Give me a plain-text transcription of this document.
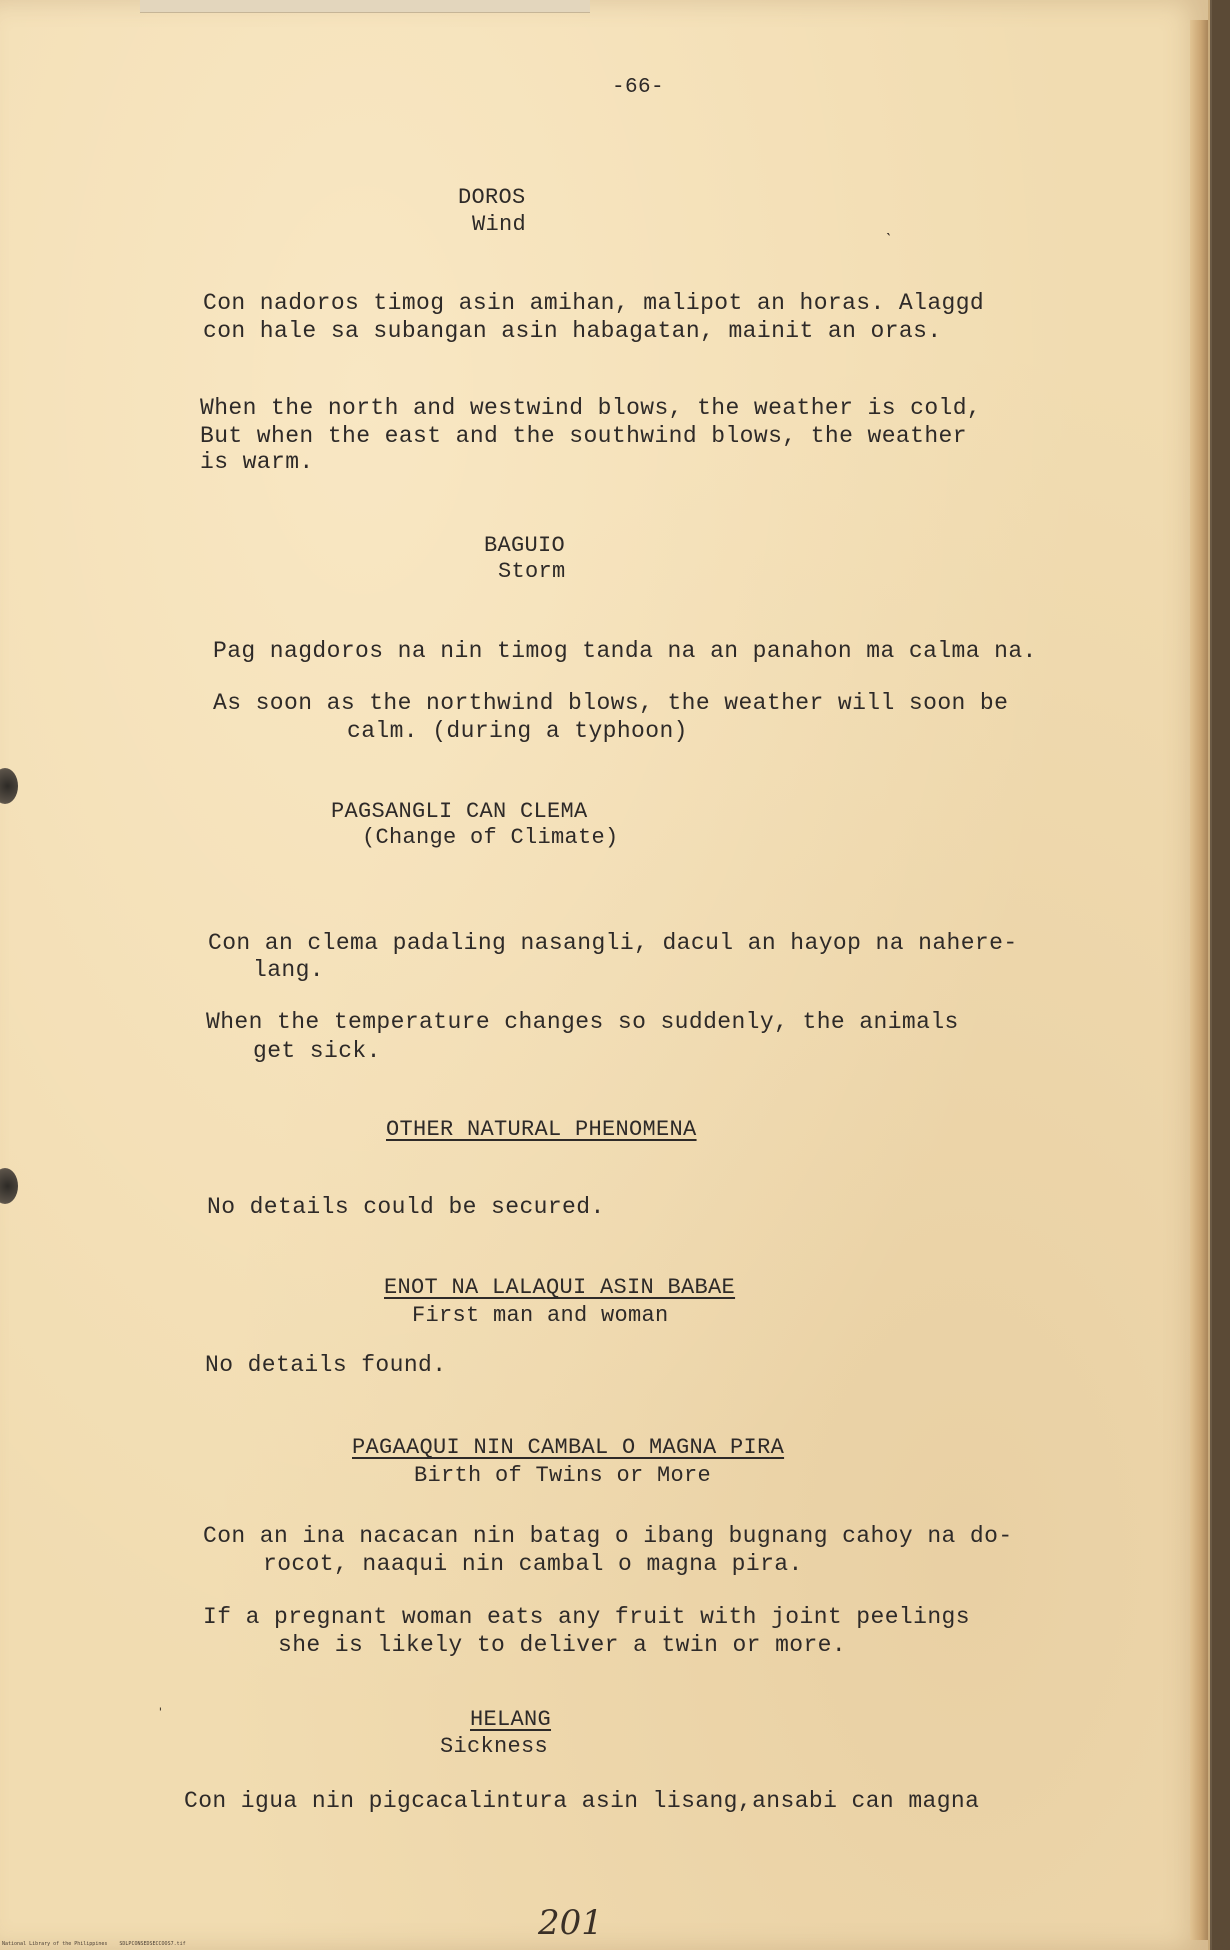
-66-
DOROS
Wind	ˎ
Con nadoros timog asin amihan, malipot an horas. Alaggd
con hale sa subangan asin habagatan, mainit an oras.
When the north and westwind blows, the weather is cold,
But when the east and the southwind blows, the weather
is warm.
BAGUIO
Storm
Pag nagdoros na nin timog tanda na an panahon ma calma na.
As soon as the northwind blows, the weather will soon be
calm. (during a typhoon)
PAGSANGLI CAN CLEMA
(Change of Climate)
Con an clema padaling nasangli, dacul an hayop na nahere-
lang.
When the temperature changes so suddenly, the animals
get sick.
OTHER NATURAL PHENOMENA
No details could be secured.
ENOT NA LALAQUI ASIN BABAE
First man and woman
No details found.
PAGAAQUI NIN CAMBAL O MAGNA PIRA
Birth of Twins or More
Con an ina nacacan nin batag o ibang bugnang cahoy na do-
rocot, naaqui nin cambal o magna pira.
If a pregnant woman eats any fruit with joint peelings
she is likely to deliver a twin or more.
ˈ	HELANG
Sickness
Con igua nin pigcacalintura asin lisang,ansabi can magna
201
National Library of the Philippines    SDLPCONSEDSECCOOS7.tif
